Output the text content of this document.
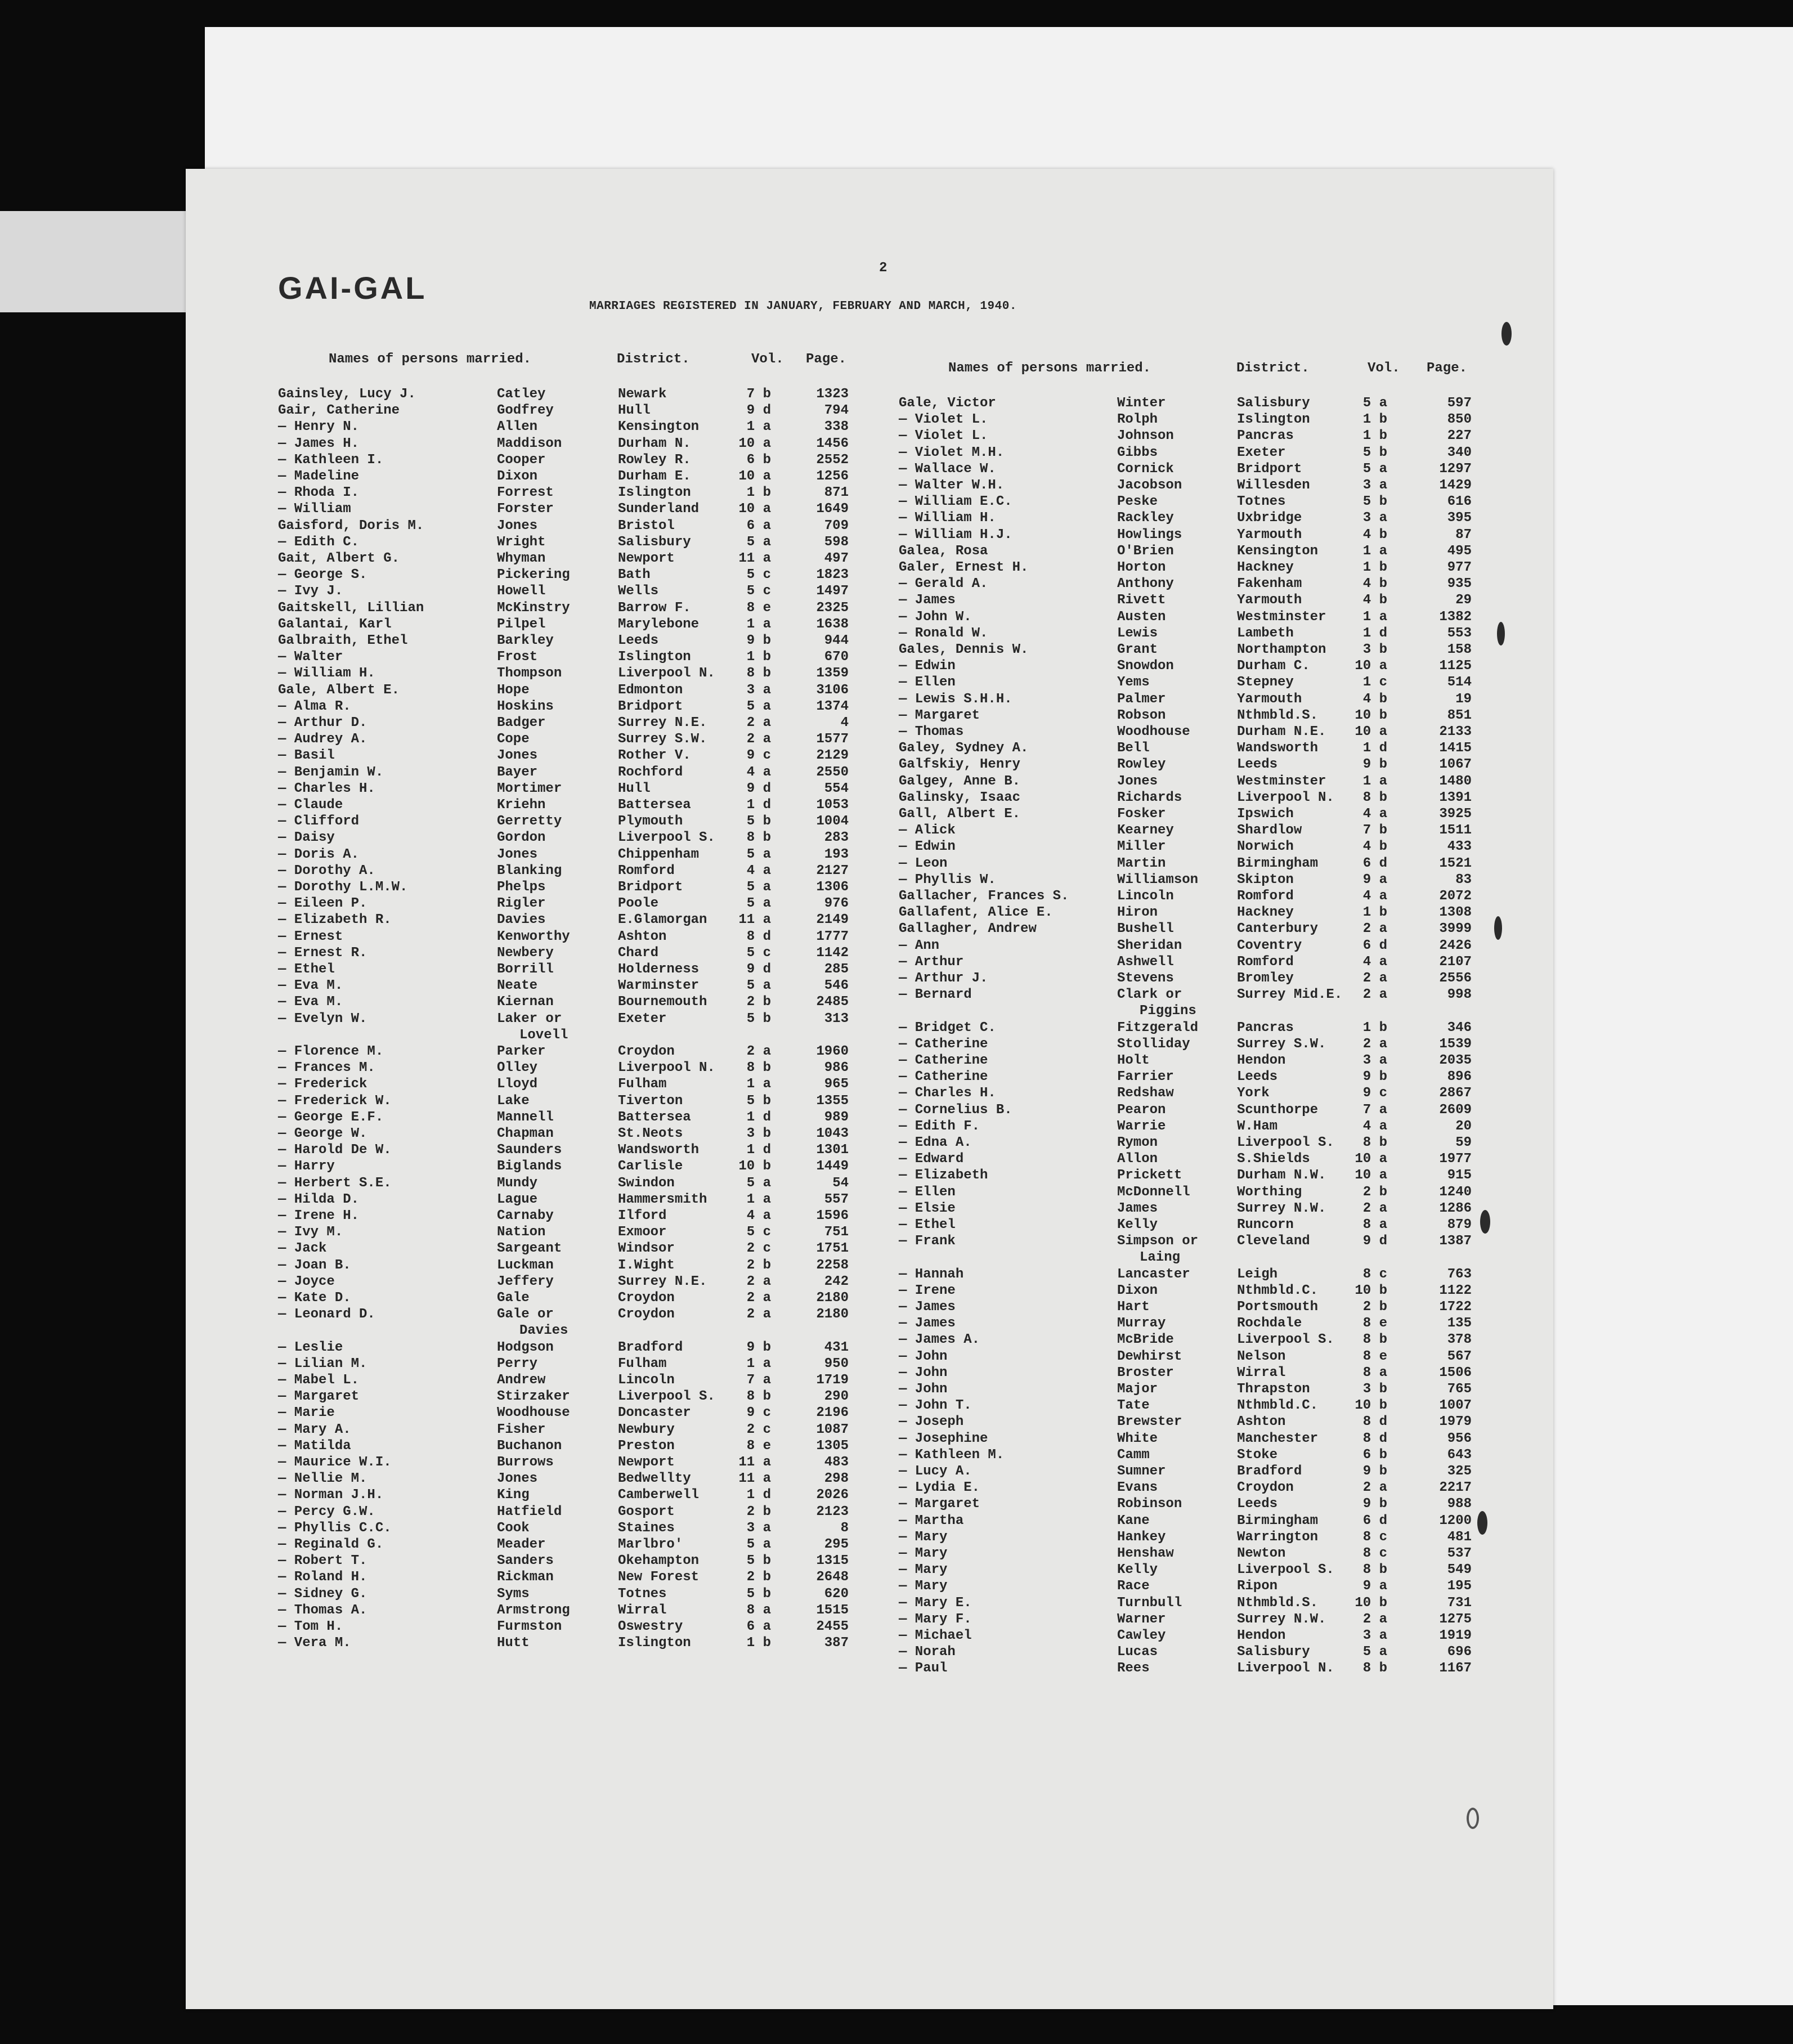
GAI-GAL
2
MARRIAGES REGISTERED IN JANUARY, FEBRUARY AND MARCH, 1940.
Names of persons married.	District.	Vol. Page.
Names of persons married.	District.	Vol. Page.
Gainsley, Lucy J.	Catley	Newark	7 b	1323
Gair, Catherine	Godfrey	Hull	9 d	794
— Henry N.	Allen	Kensington	1 a	338
— James H.	Maddison	Durham N.	10 a	1456
— Kathleen I.	Cooper	Rowley R.	6 b	2552
— Madeline	Dixon	Durham E.	10 a	1256
— Rhoda I.	Forrest	Islington	1 b	871
— William	Forster	Sunderland	10 a	1649
Gaisford, Doris M.	Jones	Bristol	6 a	709
— Edith C.	Wright	Salisbury	5 a	598
Gait, Albert G.	Whyman	Newport	11 a	497
— George S.	Pickering	Bath	5 c	1823
— Ivy J.	Howell	Wells	5 c	1497
Gaitskell, Lillian	McKinstry	Barrow F.	8 e	2325
Galantai, Karl	Pilpel	Marylebone	1 a	1638
Galbraith, Ethel	Barkley	Leeds	9 b	944
— Walter	Frost	Islington	1 b	670
— William H.	Thompson	Liverpool N.	8 b	1359
Gale, Albert E.	Hope	Edmonton	3 a	3106
— Alma R.	Hoskins	Bridport	5 a	1374
— Arthur D.	Badger	Surrey N.E.	2 a	4
— Audrey A.	Cope	Surrey S.W.	2 a	1577
— Basil	Jones	Rother V.	9 c	2129
— Benjamin W.	Bayer	Rochford	4 a	2550
— Charles H.	Mortimer	Hull	9 d	554
— Claude	Kriehn	Battersea	1 d	1053
— Clifford	Gerretty	Plymouth	5 b	1004
— Daisy	Gordon	Liverpool S.	8 b	283
— Doris A.	Jones	Chippenham	5 a	193
— Dorothy A.	Blanking	Romford	4 a	2127
— Dorothy L.M.W.	Phelps	Bridport	5 a	1306
— Eileen P.	Rigler	Poole	5 a	976
— Elizabeth R.	Davies	E.Glamorgan 11 a	2149
— Ernest	Kenworthy	Ashton	8 d	1777
— Ernest R.	Newbery	Chard	5 c	1142
— Ethel	Borrill	Holderness	9 d	285
— Eva M.	Neate	Warminster	5 a	546
— Eva M.	Kiernan	Bournemouth	2 b	2485
— Evelyn W.	Laker or	Exeter	5 b	313
Lovell
— Florence M.	Parker	Croydon	2 a	1960
— Frances M.	Olley	Liverpool N.	8 b	986
— Frederick	Lloyd	Fulham	1 a	965
— Frederick W.	Lake	Tiverton	5 b	1355
— George E.F.	Mannell	Battersea	1 d	989
— George W.	Chapman	St.Neots	3 b	1043
— Harold De W.	Saunders	Wandsworth	1 d	1301
— Harry	Biglands	Carlisle	10 b	1449
— Herbert S.E.	Mundy	Swindon	5 a	54
— Hilda D.	Lague	Hammersmith	1 a	557
— Irene H.	Carnaby	Ilford	4 a	1596
— Ivy M.	Nation	Exmoor	5 c	751
— Jack	Sargeant	Windsor	2 c	1751
— Joan B.	Luckman	I.Wight	2 b	2258
— Joyce	Jeffery	Surrey N.E.	2 a	242
— Kate D.	Gale	Croydon	2 a	2180
— Leonard D.	Gale or	Croydon	2 a	2180
Davies
— Leslie	Hodgson	Bradford	9 b	431
— Lilian M.	Perry	Fulham	1 a	950
— Mabel L.	Andrew	Lincoln	7 a	1719
— Margaret	Stirzaker	Liverpool S.	8 b	290
— Marie	Woodhouse	Doncaster	9 c	2196
— Mary A.	Fisher	Newbury	2 c	1087
— Matilda	Buchanon	Preston	8 e	1305
— Maurice W.I.	Burrows	Newport	11 a	483
— Nellie M.	Jones	Bedwellty	11 a	298
— Norman J.H.	King	Camberwell	1 d	2026
— Percy G.W.	Hatfield	Gosport	2 b	2123
— Phyllis C.C.	Cook	Staines	3 a	8
— Reginald G.	Meader	Marlbro'	5 a	295
— Robert T.	Sanders	Okehampton	5 b	1315
— Roland H.	Rickman	New Forest	2 b	2648
— Sidney G.	Syms	Totnes	5 b	620
— Thomas A.	Armstrong	Wirral	8 a	1515
— Tom H.	Furmston	Oswestry	6 a	2455
— Vera M.	Hutt	Islington	1 b	387
Gale, Victor	Winter	Salisbury	5 a	597
— Violet L.	Rolph	Islington	1 b	850
— Violet L.	Johnson	Pancras	1 b	227
— Violet M.H.	Gibbs	Exeter	5 b	340
— Wallace W.	Cornick	Bridport	5 a	1297
— Walter W.H.	Jacobson	Willesden	3 a	1429
— William E.C.	Peske	Totnes	5 b	616
— William H.	Rackley	Uxbridge	3 a	395
— William H.J.	Howlings	Yarmouth	4 b	87
Galea, Rosa	O'Brien	Kensington	1 a	495
Galer, Ernest H.	Horton	Hackney	1 b	977
— Gerald A.	Anthony	Fakenham	4 b	935
— James	Rivett	Yarmouth	4 b	29
— John W.	Austen	Westminster	1 a	1382
— Ronald W.	Lewis	Lambeth	1 d	553
Gales, Dennis W.	Grant	Northampton	3 b	158
— Edwin	Snowdon	Durham C.	10 a	1125
— Ellen	Yems	Stepney	1 c	514
— Lewis S.H.H.	Palmer	Yarmouth	4 b	19
— Margaret	Robson	Nthmbld.S.	10 b	851
— Thomas	Woodhouse	Durham N.E. 10 a	2133
Galey, Sydney A.	Bell	Wandsworth	1 d	1415
Galfskiy, Henry	Rowley	Leeds	9 b	1067
Galgey, Anne B.	Jones	Westminster	1 a	1480
Galinsky, Isaac	Richards	Liverpool N.	8 b	1391
Gall, Albert E.	Fosker	Ipswich	4 a	3925
— Alick	Kearney	Shardlow	7 b	1511
— Edwin	Miller	Norwich	4 b	433
— Leon	Martin	Birmingham	6 d	1521
— Phyllis W.	Williamson	Skipton	9 a	83
Gallacher, Frances S.	Lincoln	Romford	4 a	2072
Gallafent, Alice E.	Hiron	Hackney	1 b	1308
Gallagher, Andrew	Bushell	Canterbury	2 a	3999
— Ann	Sheridan	Coventry	6 d	2426
— Arthur	Ashwell	Romford	4 a	2107
— Arthur J.	Stevens	Bromley	2 a	2556
— Bernard	Clark or	Surrey Mid.E.	2 a	998
Piggins
— Bridget C.	Fitzgerald	Pancras	1 b	346
— Catherine	Stolliday	Surrey S.W.	2 a	1539
— Catherine	Holt	Hendon	3 a	2035
— Catherine	Farrier	Leeds	9 b	896
— Charles H.	Redshaw	York	9 c	2867
— Cornelius B.	Pearon	Scunthorpe	7 a	2609
— Edith F.	Warrie	W.Ham	4 a	20
— Edna A.	Rymon	Liverpool S.	8 b	59
— Edward	Allon	S.Shields	10 a	1977
— Elizabeth	Prickett	Durham N.W. 10 a	915
— Ellen	McDonnell	Worthing	2 b	1240
— Elsie	James	Surrey N.W.	2 a	1286
— Ethel	Kelly	Runcorn	8 a	879
— Frank	Simpson or	Cleveland	9 d	1387
Laing
— Hannah	Lancaster	Leigh	8 c	763
— Irene	Dixon	Nthmbld.C.	10 b	1122
— James	Hart	Portsmouth	2 b	1722
— James	Murray	Rochdale	8 e	135
— James A.	McBride	Liverpool S.	8 b	378
— John	Dewhirst	Nelson	8 e	567
— John	Broster	Wirral	8 a	1506
— John	Major	Thrapston	3 b	765
— John T.	Tate	Nthmbld.C.	10 b	1007
— Joseph	Brewster	Ashton	8 d	1979
— Josephine	White	Manchester	8 d	956
— Kathleen M.	Camm	Stoke	6 b	643
— Lucy A.	Sumner	Bradford	9 b	325
— Lydia E.	Evans	Croydon	2 a	2217
— Margaret	Robinson	Leeds	9 b	988
— Martha	Kane	Birmingham	6 d	1200
— Mary	Hankey	Warrington	8 c	481
— Mary	Henshaw	Newton	8 c	537
— Mary	Kelly	Liverpool S.	8 b	549
— Mary	Race	Ripon	9 a	195
— Mary E.	Turnbull	Nthmbld.S.	10 b	731
— Mary F.	Warner	Surrey N.W.	2 a	1275
— Michael	Cawley	Hendon	3 a	1919
— Norah	Lucas	Salisbury	5 a	696
— Paul	Rees	Liverpool N.	8 b	1167
